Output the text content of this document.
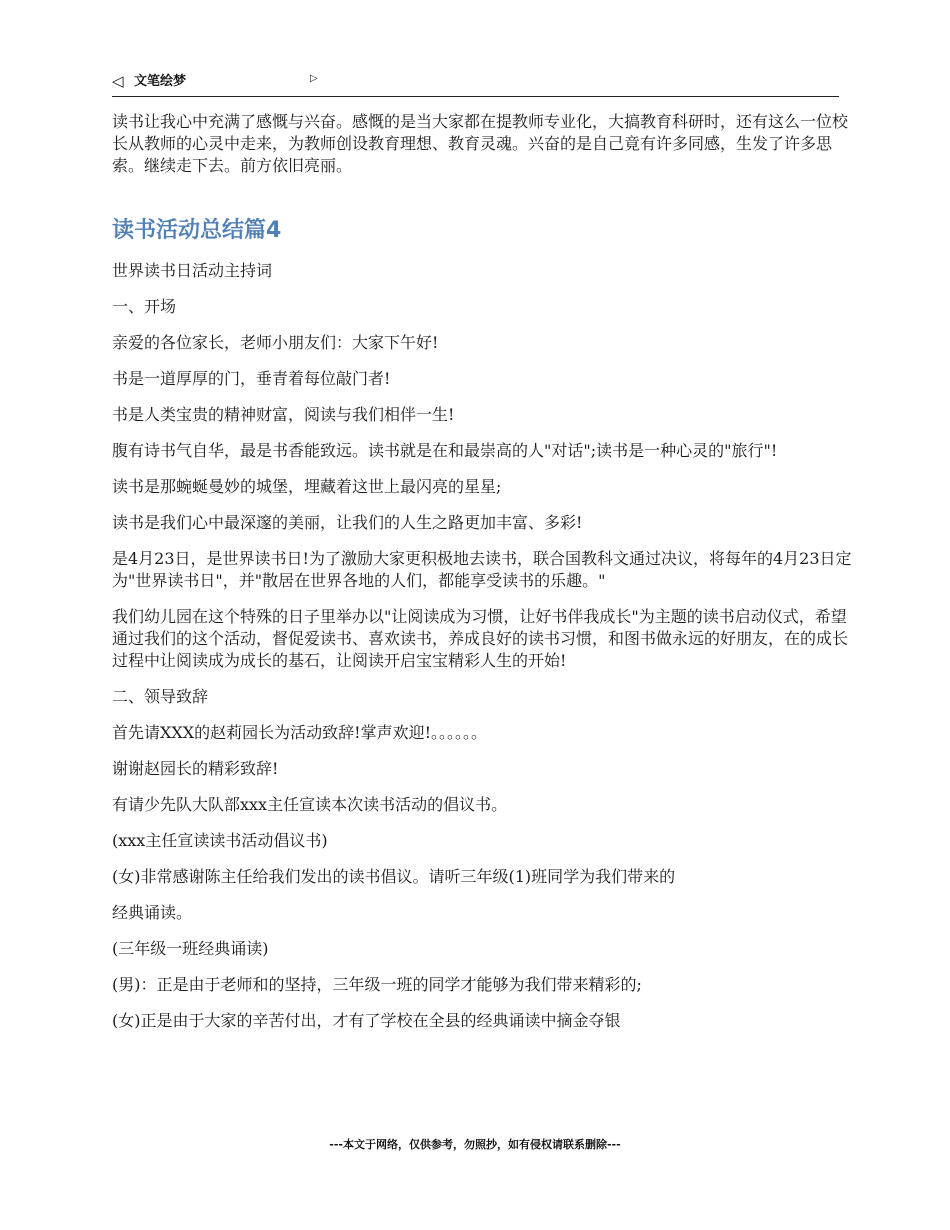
◁ 文笔绘梦	▷

读书让我心中充满了感慨与兴奋。感慨的是当大家都在提教师专业化，大搞教育科研时，还有这么一位校长从教师的心灵中走来，为教师创设教育理想、教育灵魂。兴奋的是自己竟有许多同感，生发了许多思索。继续走下去。前方依旧亮丽。

读书活动总结篇4

世界读书日活动主持词

一、开场

亲爱的各位家长，老师小朋友们：大家下午好!

书是一道厚厚的门，垂青着每位敲门者!

书是人类宝贵的精神财富，阅读与我们相伴一生!

腹有诗书气自华，最是书香能致远。读书就是在和最崇高的人"对话";读书是一种心灵的"旅行"!

读书是那蜿蜒曼妙的城堡，埋藏着这世上最闪亮的星星;

读书是我们心中最深邃的美丽，让我们的人生之路更加丰富、多彩!

是4月23日，是世界读书日!为了激励大家更积极地去读书，联合国教科文通过决议，将每年的4月23日定为"世界读书日"，并"散居在世界各地的人们，都能享受读书的乐趣。"

我们幼儿园在这个特殊的日子里举办以"让阅读成为习惯，让好书伴我成长"为主题的读书启动仪式，希望通过我们的这个活动，督促爱读书、喜欢读书，养成良好的读书习惯，和图书做永远的好朋友，在的成长过程中让阅读成为成长的基石，让阅读开启宝宝精彩人生的开始!

二、领导致辞

首先请XXX的赵莉园长为活动致辞!掌声欢迎!。。。。。。

谢谢赵园长的精彩致辞!

有请少先队大队部xxx主任宣读本次读书活动的倡议书。

(xxx主任宣读读书活动倡议书)

(女)非常感谢陈主任给我们发出的读书倡议。请听三年级(1)班同学为我们带来的

经典诵读。

(三年级一班经典诵读)

(男)：正是由于老师和的坚持，三年级一班的同学才能够为我们带来精彩的;

(女)正是由于大家的辛苦付出，才有了学校在全县的经典诵读中摘金夺银

---本文于网络，仅供参考，勿照抄，如有侵权请联系删除---
